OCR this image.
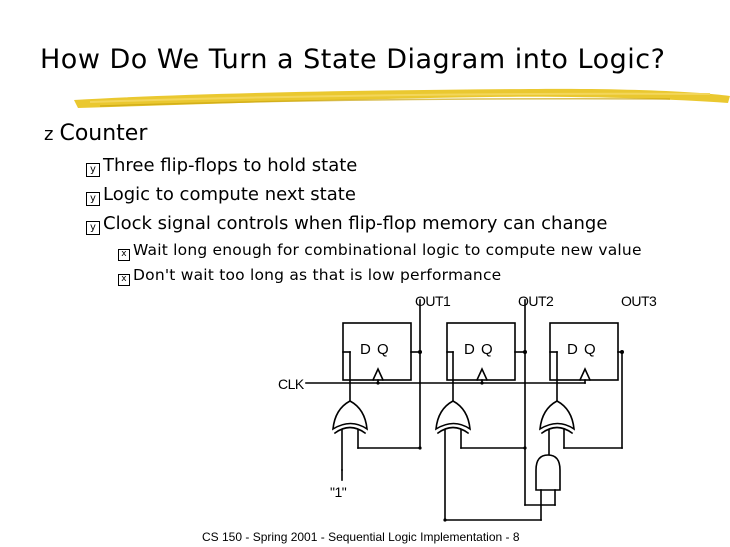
How Do We Turn a State Diagram into Logic?
z Counter
y Three flip-flops to hold state
y Logic to compute next state
y Clock signal controls when flip-flop memory can change
x Wait long enough for combinational logic to compute new value
x Don't wait too long as that is low performance
OUT1	OUT2	OUT3
D Q	D Q	D Q
CLK
"1"
CS 150 - Spring 2001 - Sequential Logic Implementation - 8
